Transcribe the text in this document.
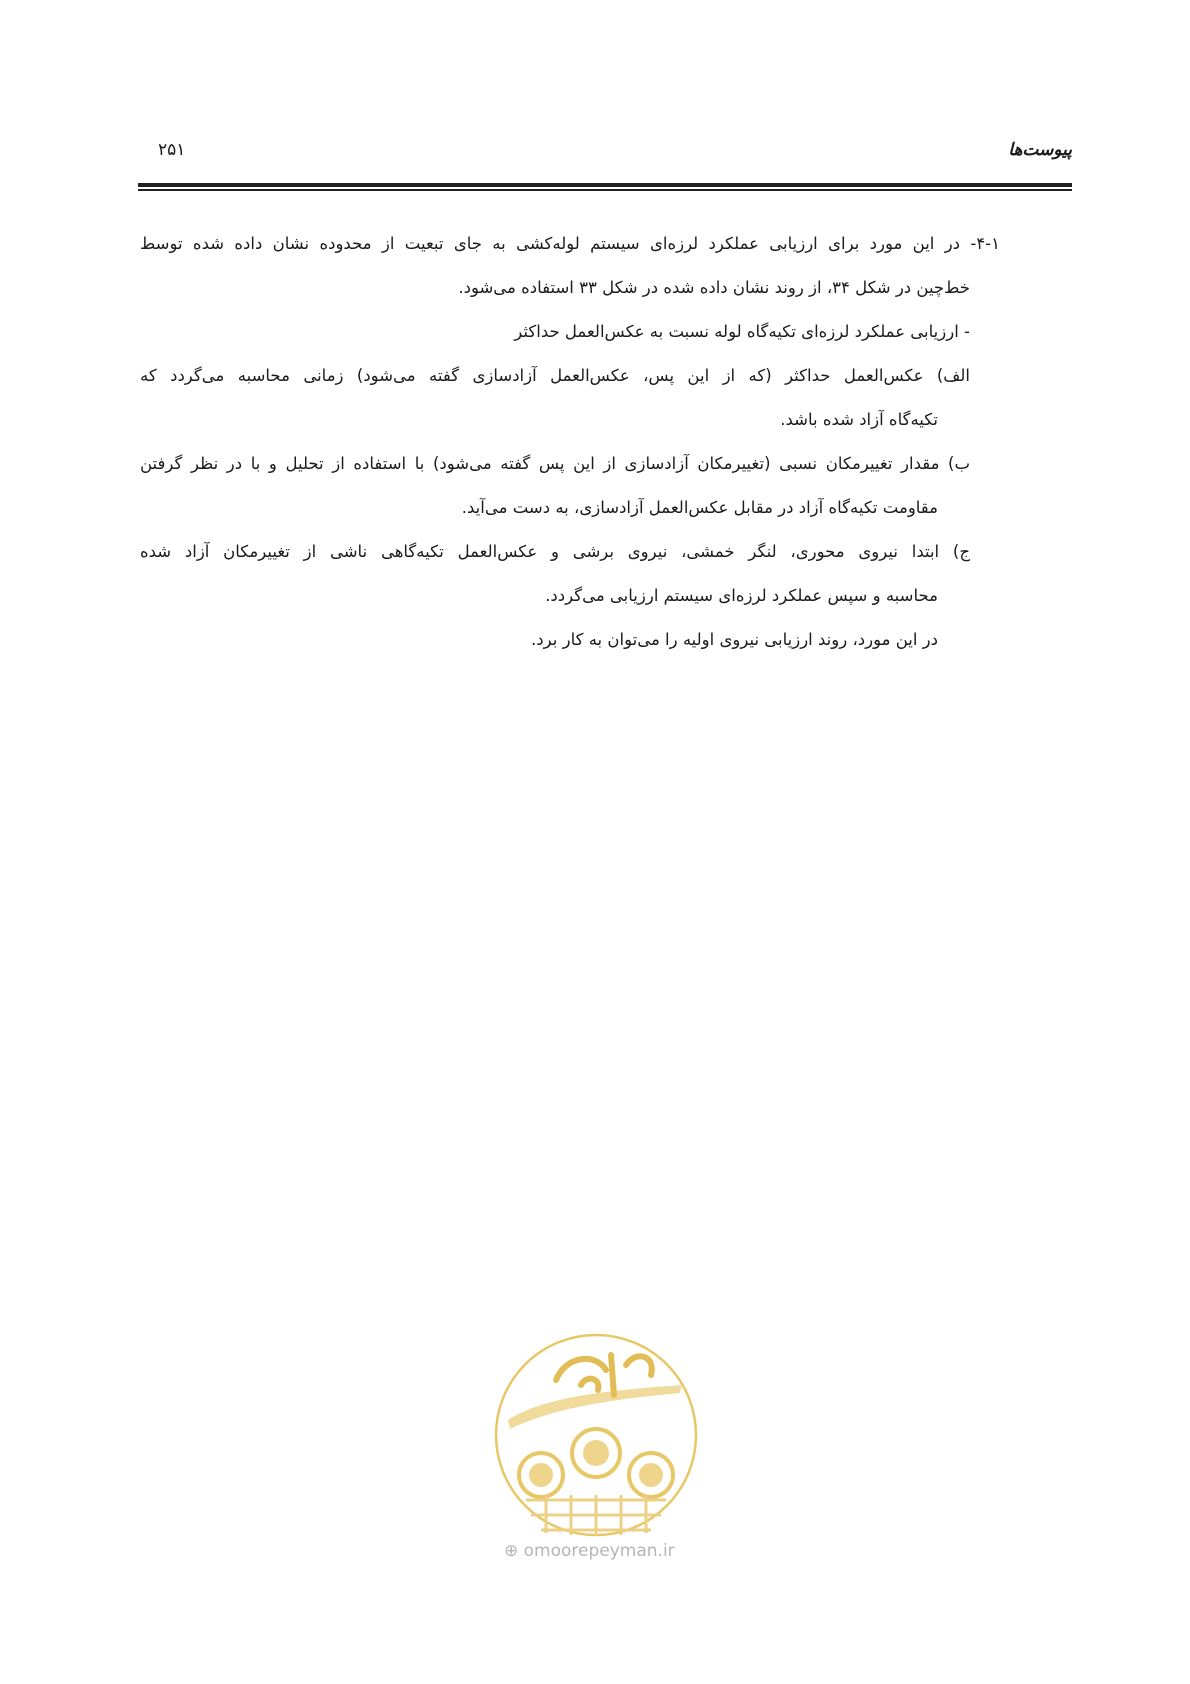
پیوست‌ها
۲۵۱

۴-۱- در این مورد برای ارزیابی عملکرد لرزه‌ای سیستم لوله‌کشی به جای تبعیت از محدوده نشان داده شده توسط

خط‌چین در شکل ۳۴، از روند نشان داده شده در شکل ۳۳ استفاده می‌شود.

- ارزیابی عملکرد لرزه‌ای تکیه‌گاه لوله نسبت به عکس‌العمل حداکثر

الف) عکس‌العمل حداکثر (که از این پس، عکس‌العمل آزادسازی گفته می‌شود) زمانی محاسبه می‌گردد که

تکیه‌گاه آزاد شده باشد.

ب) مقدار تغییرمکان نسبی (تغییرمکان آزادسازی از این پس گفته می‌شود) با استفاده از تحلیل و با در نظر گرفتن

مقاومت تکیه‌گاه آزاد در مقابل عکس‌العمل آزادسازی، به دست می‌آید.

ج) ابتدا نیروی محوری، لنگر خمشی، نیروی برشی و عکس‌العمل تکیه‌گاهی ناشی از تغییرمکان آزاد شده

محاسبه و سپس عملکرد لرزه‌ای سیستم ارزیابی می‌گردد.

در این مورد، روند ارزیابی نیروی اولیه را می‌توان به کار برد.

⊕ omoorepeyman.ir
